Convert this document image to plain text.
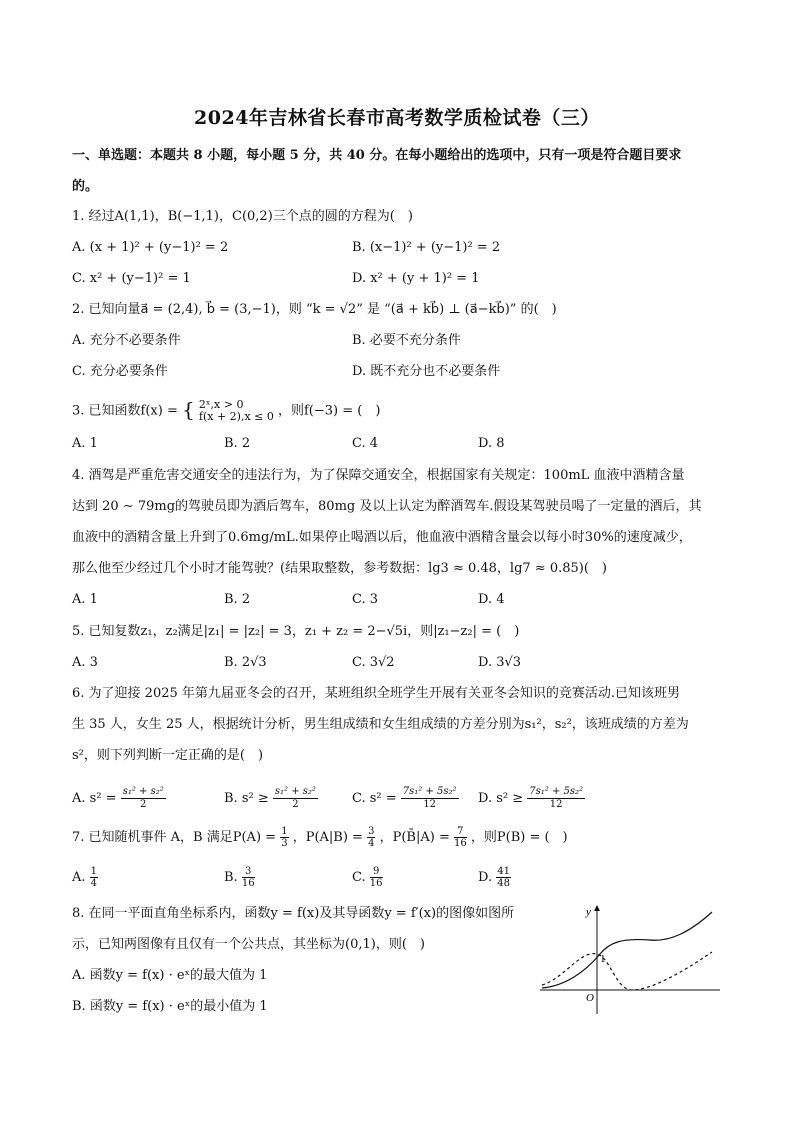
2024年吉林省长春市高考数学质检试卷（三）
一、单选题：本题共 8 小题，每小题 5 分，共 40 分。在每小题给出的选项中，只有一项是符合题目要求
的。
1. 经过A(1,1)，B(−1,1)，C(0,2)三个点的圆的方程为(　)
A. (x + 1)² + (y−1)² = 2	B. (x−1)² + (y−1)² = 2
C. x² + (y−1)² = 1	D. x² + (y + 1)² = 1
2. 已知向量a⃗ = (2,4), b⃗ = (3,−1)，则 “k = √2” 是 “(a⃗ + kb⃗) ⊥ (a⃗−kb⃗)” 的(　)
A. 充分不必要条件	B. 必要不充分条件
C. 充分必要条件	D. 既不充分也不必要条件
3. 已知函数f(x) = { 2ˣ,x > 0
f(x + 2),x ≤ 0 ，则f(−3) = (　)
A. 1	B. 2	C. 4	D. 8
4. 酒驾是严重危害交通安全的违法行为，为了保障交通安全，根据国家有关规定：100mL 血液中酒精含量
达到 20 ∼ 79mg的驾驶员即为酒后驾车，80mg 及以上认定为醉酒驾车.假设某驾驶员喝了一定量的酒后，其
血液中的酒精含量上升到了0.6mg/mL.如果停止喝酒以后，他血液中酒精含量会以每小时30%的速度减少，
那么他至少经过几个小时才能驾驶？(结果取整数，参考数据：lg3 ≈ 0.48，lg7 ≈ 0.85)(　)
A. 1	B. 2	C. 3	D. 4
5. 已知复数z₁，z₂满足|z₁| = |z₂| = 3，z₁ + z₂ = 2−√5i，则|z₁−z₂| = (　)
A. 3	B. 2√3	C. 3√2	D. 3√3
6. 为了迎接 2025 年第九届亚冬会的召开，某班组织全班学生开展有关亚冬会知识的竞赛活动.已知该班男
生 35 人，女生 25 人，根据统计分析，男生组成绩和女生组成绩的方差分别为s₁²，s₂²，该班成绩的方差为
s²，则下列判断一定正确的是(　)
A. $s^2 = \frac{\text{s₁² + s₂²}}{2}$	B. $s^2 \ge \frac{\text{s₁² + s₂²}}{2}$	C. $s^2 = \frac{\text{7s₁² + 5s₂²}}{12} D$. $s^2 \ge \frac{\text{7s₁² + 5s₂²}}{12}$
7. 已知随机事件 A，B 满足$P(A) = \frac{1}{3}$ ，$P(A|B) = \frac{3}{4}$ ，P(B̄|A) = $\frac{7}{16}$ ，则P(B) = (　)
A. $\frac{1}{4}$	B. $\frac{3}{16}$	C. $\frac{9}{16}$	D. $\frac{41}{48}$
8. 在同一平面直角坐标系内，函数y = f(x)及其导函数y = f′(x)的图像如图所
示，已知两图像有且仅有一个公共点，其坐标为(0,1)，则(　)
A. 函数y = f(x) · eˣ的最大值为 1
B. 函数y = f(x) · eˣ的最小值为 1
y
O
1
